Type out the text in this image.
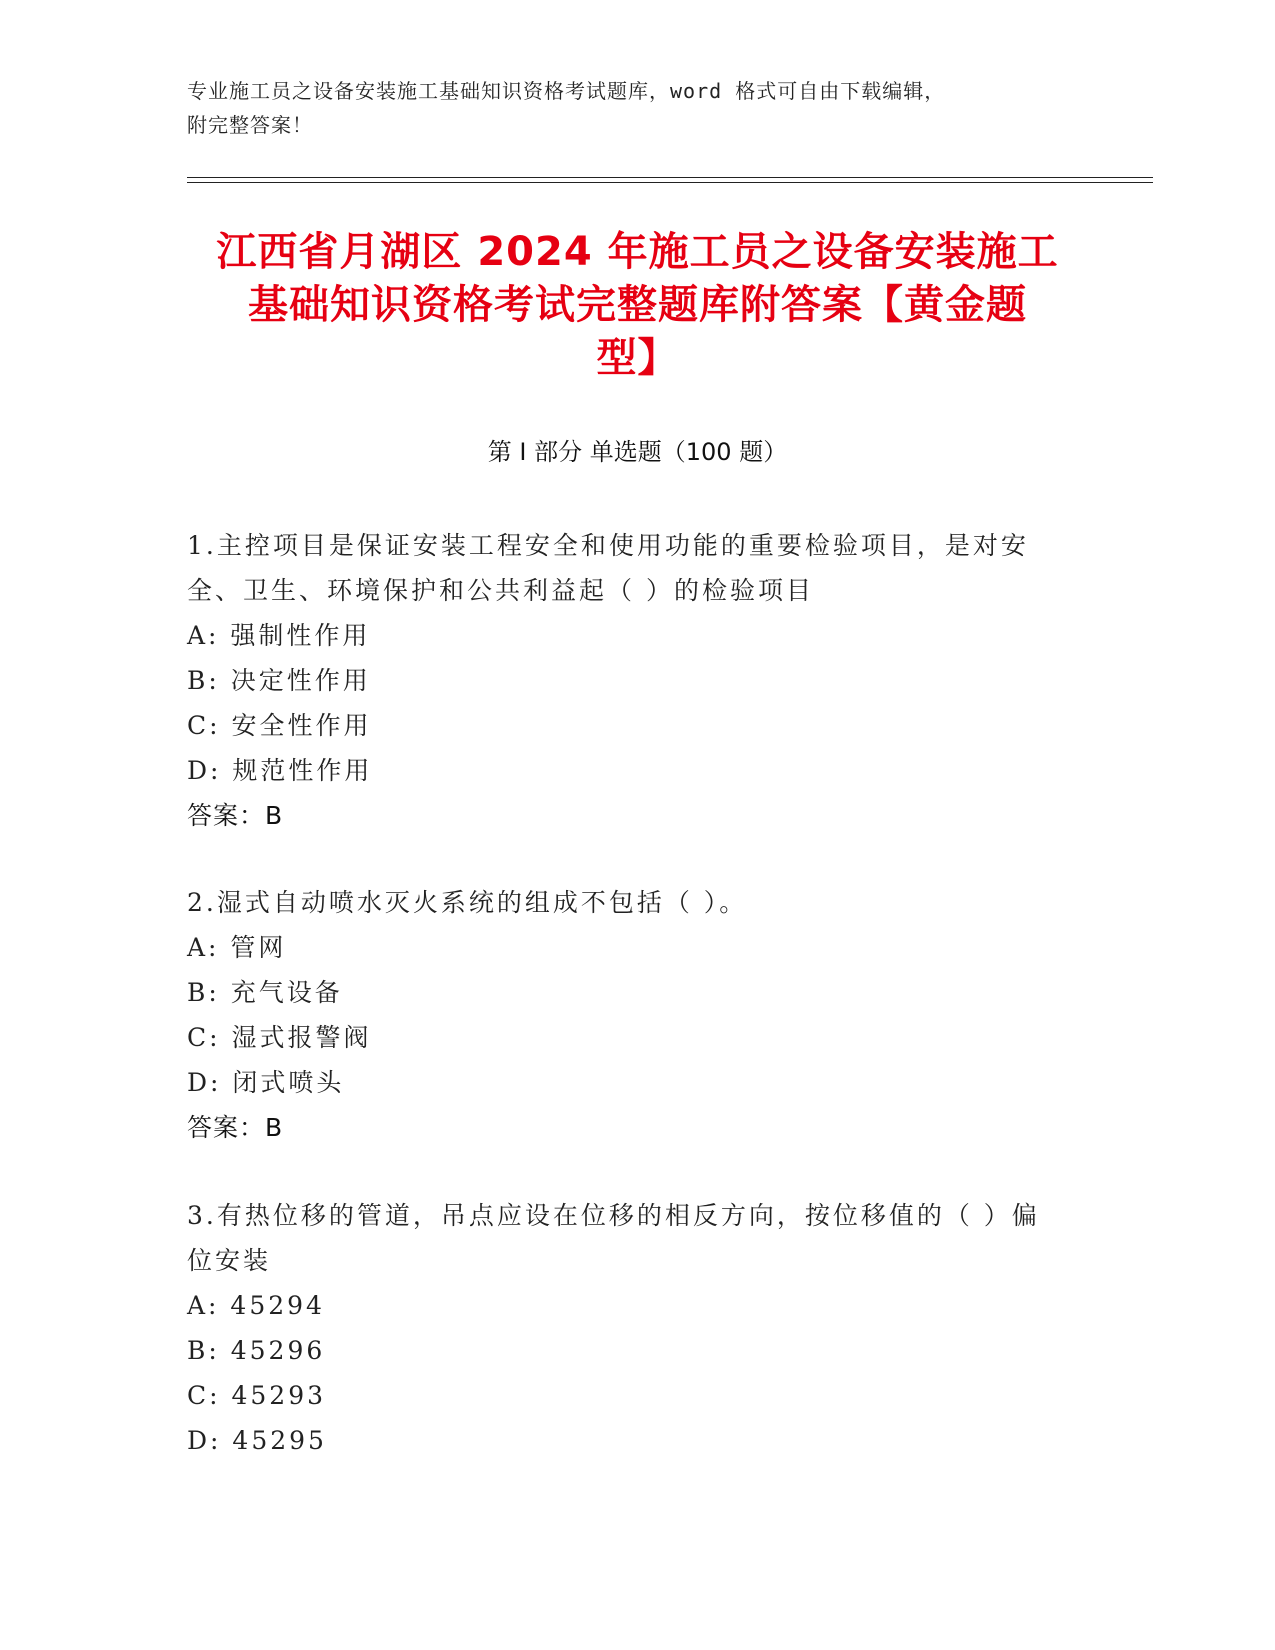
专业施工员之设备安装施工基础知识资格考试题库，word 格式可自由下载编辑，
附完整答案！
江西省月湖区 2024 年施工员之设备安装施工
基础知识资格考试完整题库附答案【黄金题
型】
第 I 部分 单选题（100 题）
1.主控项目是保证安装工程安全和使用功能的重要检验项目，是对安
全、卫生、环境保护和公共利益起（ ）的检验项目
A: 强制性作用
B: 决定性作用
C: 安全性作用
D: 规范性作用
答案：B
2.湿式自动喷水灭火系统的组成不包括（ ）。
A: 管网
B: 充气设备
C: 湿式报警阀
D: 闭式喷头
答案：B
3.有热位移的管道，吊点应设在位移的相反方向，按位移值的（ ）偏
位安装
A: 45294
B: 45296
C: 45293
D: 45295
